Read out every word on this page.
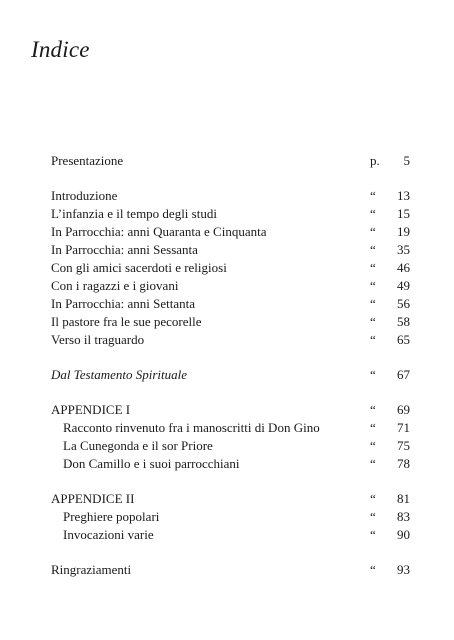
Indice
Presentazione	p. 5
Introduzione	“ 13
L’infanzia e il tempo degli studi	“ 15
In Parrocchia: anni Quaranta e Cinquanta	“ 19
In Parrocchia: anni Sessanta	“ 35
Con gli amici sacerdoti e religiosi	“ 46
Con i ragazzi e i giovani	“ 49
In Parrocchia: anni Settanta	“ 56
Il pastore fra le sue pecorelle	“ 58
Verso il traguardo	“ 65
Dal Testamento Spirituale	“ 67
APPENDICE I	“ 69
Racconto rinvenuto fra i manoscritti di Don Gino	“ 71
La Cunegonda e il sor Priore	“ 75
Don Camillo e i suoi parrocchiani	“ 78
APPENDICE II	“ 81
Preghiere popolari	“ 83
Invocazioni varie	“ 90
Ringraziamenti	“ 93
